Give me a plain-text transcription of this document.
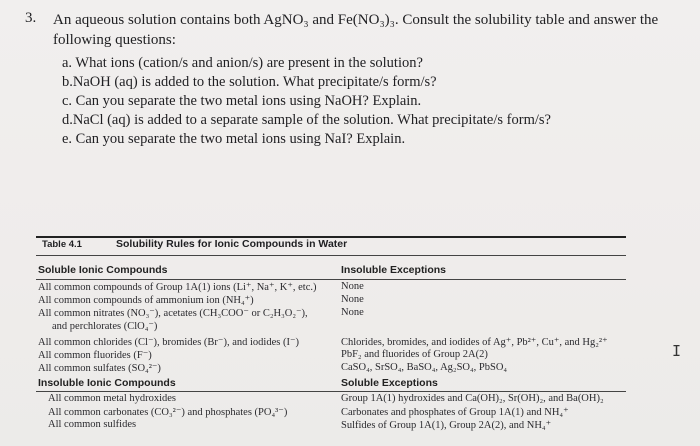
3. An aqueous solution contains both AgNO₃ and Fe(NO₃)₃. Consult the solubility table and answer the following questions:
a. What ions (cation/s and anion/s) are present in the solution?
b.NaOH (aq) is added to the solution. What precipitate/s form/s?
c. Can you separate the two metal ions using NaOH? Explain.
d.NaCl (aq) is added to a separate sample of the solution. What precipitate/s form/s?
e. Can you separate the two metal ions using NaI? Explain.
I
Table 4.1	Solubility Rules for Ionic Compounds in Water
Soluble Ionic Compounds	Insoluble Exceptions
All common compounds of Group 1A(1) ions (Li⁺, Na⁺, K⁺, etc.) None
All common compounds of ammonium ion (NH₄⁺)	None
All common nitrates (NO₃⁻), acetates (CH₃COO⁻ or C₂H₃O₂⁻),	None
and perchlorates (ClO₄⁻)
All common chlorides (Cl⁻), bromides (Br⁻), and iodides (I⁻)	Chlorides, bromides, and iodides of Ag⁺, Pb²⁺, Cu⁺, and Hg₂²⁺
All common fluorides (F⁻)	PbF₂ and fluorides of Group 2A(2)
All common sulfates (SO₄²⁻)	CaSO₄, SrSO₄, BaSO₄, Ag₂SO₄, PbSO₄
Insoluble Ionic Compounds	Soluble Exceptions
All common metal hydroxides	Group 1A(1) hydroxides and Ca(OH)₂, Sr(OH)₂, and Ba(OH)₂
All common carbonates (CO₃²⁻) and phosphates (PO₄³⁻)	Carbonates and phosphates of Group 1A(1) and NH₄⁺
All common sulfides	Sulfides of Group 1A(1), Group 2A(2), and NH₄⁺
